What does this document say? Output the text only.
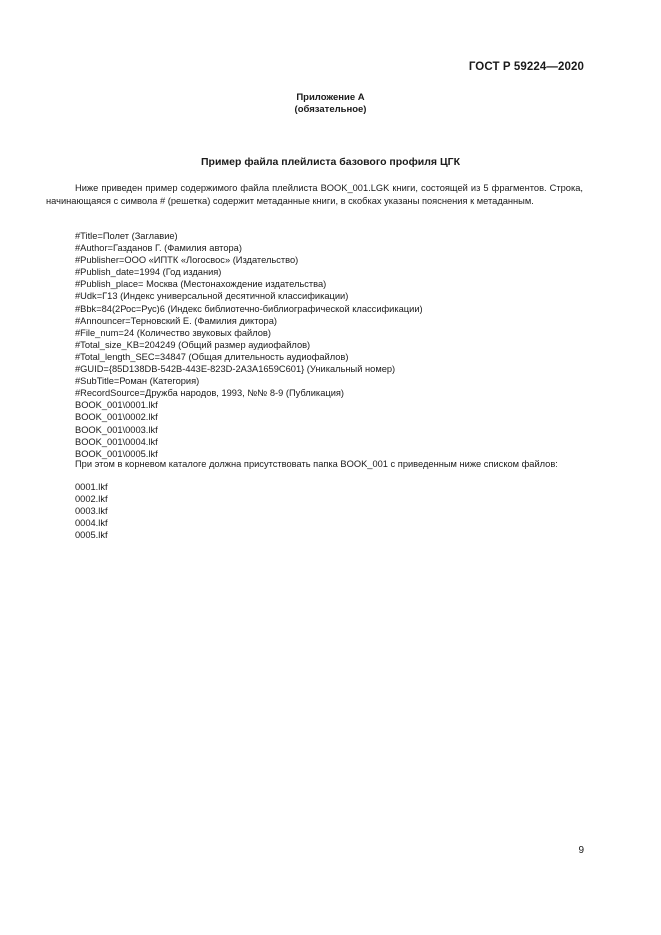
ГОСТ Р 59224—2020
Приложение А
(обязательное)
Пример файла плейлиста базового профиля ЦГК

Ниже приведен пример содержимого файла плейлиста BOOK_001.LGK книги, состоящей из 5 фрагментов. Строка, начинающаяся с символа # (решетка) содержит метаданные книги, в скобках указаны пояснения к метаданным.

#Title=Полет (Заглавие)
#Author=Газданов Г. (Фамилия автора)
#Publisher=ООО «ИПТК «Логосвос» (Издательство)
#Publish_date=1994 (Год издания)
#Publish_place= Москва (Местонахождение издательства)
#Udk=Г13 (Индекс универсальной десятичной классификации)
#Bbk=84(2Рос=Рус)6 (Индекс библиотечно-библиографической классификации)
#Announcer=Терновский Е. (Фамилия диктора)
#File_num=24 (Количество звуковых файлов)
#Total_size_KB=204249 (Общий размер аудиофайлов)
#Total_length_SEC=34847 (Общая длительность аудиофайлов)
#GUID={85D138DB-542B-443E-823D-2A3A1659C601} (Уникальный номер)
#SubTitle=Роман (Категория)
#RecordSource=Дружба народов, 1993, №№ 8-9 (Публикация)
BOOK_001\0001.lkf
BOOK_001\0002.lkf
BOOK_001\0003.lkf
BOOK_001\0004.lkf
BOOK_001\0005.lkf

При этом в корневом каталоге должна присутствовать папка BOOK_001 с приведенным ниже списком файлов:

0001.lkf
0002.lkf
0003.lkf
0004.lkf
0005.lkf
9
